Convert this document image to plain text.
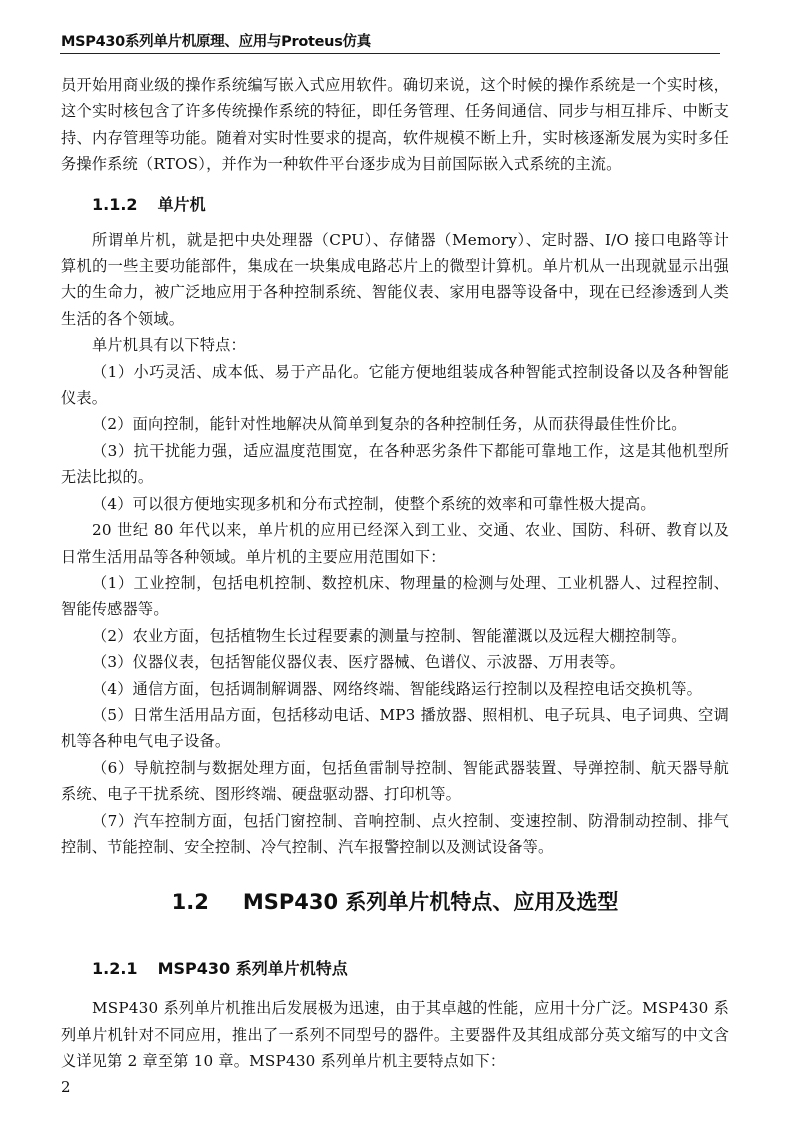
MSP430系列单片机原理、应用与Proteus仿真

员开始用商业级的操作系统编写嵌入式应用软件。确切来说，这个时候的操作系统是一个实时核，这个实时核包含了许多传统操作系统的特征，即任务管理、任务间通信、同步与相互排斥、中断支持、内存管理等功能。随着对实时性要求的提高，软件规模不断上升，实时核逐渐发展为实时多任务操作系统（RTOS），并作为一种软件平台逐步成为目前国际嵌入式系统的主流。

1.1.2 单片机

所谓单片机，就是把中央处理器（CPU）、存储器（Memory）、定时器、I/O 接口电路等计算机的一些主要功能部件，集成在一块集成电路芯片上的微型计算机。单片机从一出现就显示出强大的生命力，被广泛地应用于各种控制系统、智能仪表、家用电器等设备中，现在已经渗透到人类生活的各个领域。

单片机具有以下特点：

（1）小巧灵活、成本低、易于产品化。它能方便地组装成各种智能式控制设备以及各种智能仪表。

（2）面向控制，能针对性地解决从简单到复杂的各种控制任务，从而获得最佳性价比。

（3）抗干扰能力强，适应温度范围宽，在各种恶劣条件下都能可靠地工作，这是其他机型所无法比拟的。

（4）可以很方便地实现多机和分布式控制，使整个系统的效率和可靠性极大提高。

20 世纪 80 年代以来，单片机的应用已经深入到工业、交通、农业、国防、科研、教育以及日常生活用品等各种领域。单片机的主要应用范围如下：

（1）工业控制，包括电机控制、数控机床、物理量的检测与处理、工业机器人、过程控制、智能传感器等。

（2）农业方面，包括植物生长过程要素的测量与控制、智能灌溉以及远程大棚控制等。

（3）仪器仪表，包括智能仪器仪表、医疗器械、色谱仪、示波器、万用表等。

（4）通信方面，包括调制解调器、网络终端、智能线路运行控制以及程控电话交换机等。

（5）日常生活用品方面，包括移动电话、MP3 播放器、照相机、电子玩具、电子词典、空调机等各种电气电子设备。

（6）导航控制与数据处理方面，包括鱼雷制导控制、智能武器装置、导弹控制、航天器导航系统、电子干扰系统、图形终端、硬盘驱动器、打印机等。

（7）汽车控制方面，包括门窗控制、音响控制、点火控制、变速控制、防滑制动控制、排气控制、节能控制、安全控制、冷气控制、汽车报警控制以及测试设备等。

1.2 MSP430 系列单片机特点、应用及选型
1.2.1 MSP430 系列单片机特点

MSP430 系列单片机推出后发展极为迅速，由于其卓越的性能，应用十分广泛。MSP430 系列单片机针对不同应用，推出了一系列不同型号的器件。主要器件及其组成部分英文缩写的中文含义详见第 2 章至第 10 章。MSP430 系列单片机主要特点如下：

2
